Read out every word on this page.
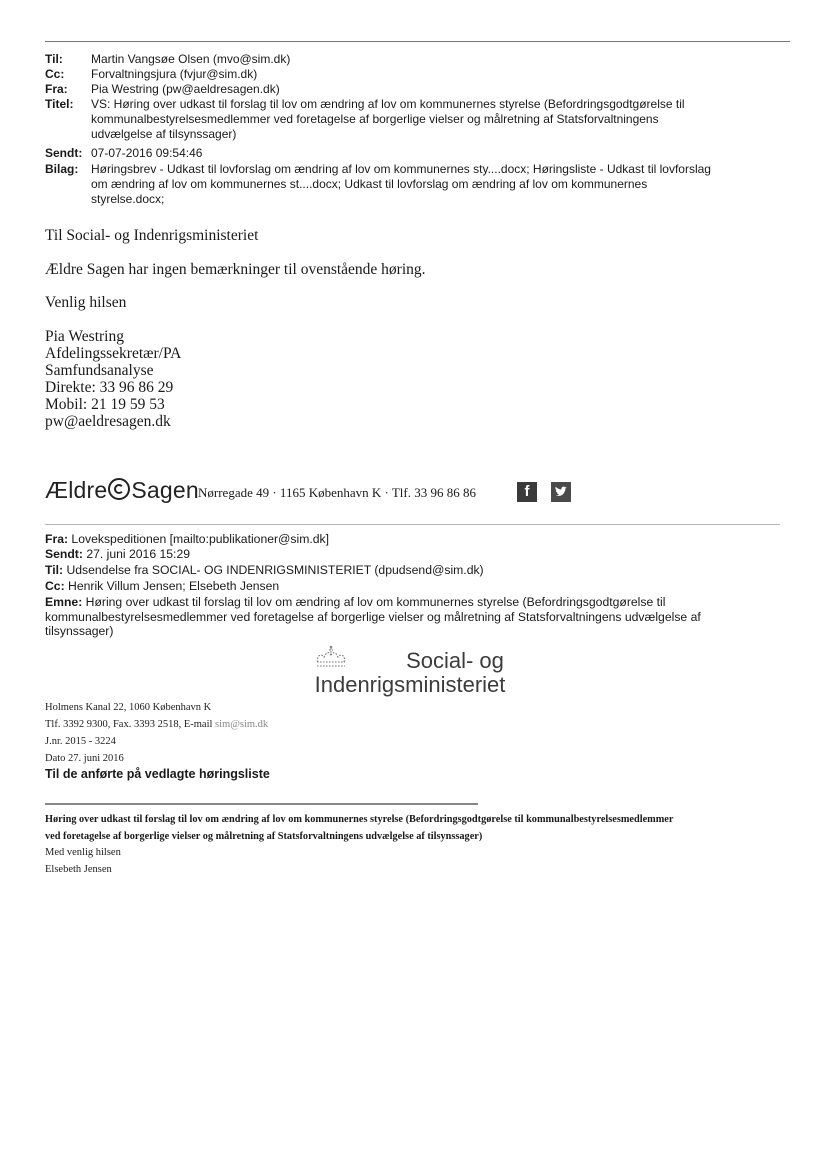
Til: Martin Vangsøe Olsen (mvo@sim.dk)
Cc: Forvaltningsjura (fvjur@sim.dk)
Fra: Pia Westring (pw@aeldresagen.dk)
Titel: VS: Høring over udkast til forslag til lov om ændring af lov om kommunernes styrelse (Befordringsgodtgørelse til
kommunalbestyrelsesmedlemmer ved foretagelse af borgerlige vielser og målretning af Statsforvaltningens
udvælgelse af tilsynssager)
Sendt: 07-07-2016 09:54:46
Bilag: Høringsbrev - Udkast til lovforslag om ændring af lov om kommunernes sty....docx; Høringsliste - Udkast til lovforslag
om ændring af lov om kommunernes st....docx; Udkast til lovforslag om ændring af lov om kommunernes
styrelse.docx;
Til Social- og Indenrigsministeriet
Ældre Sagen har ingen bemærkninger til ovenstående høring.
Venlig hilsen
Pia Westring
Afdelingssekretær/PA
Samfundsanalyse
Direkte: 33 96 86 29
Mobil: 21 19 59 53
pw@aeldresagen.dk
Ældre Sagen Nørregade 49 · 1165 København K · Tlf. 33 96 86 86	f
Fra: Lovekspeditionen [mailto:publikationer@sim.dk]
Sendt: 27. juni 2016 15:29
Til: Udsendelse fra SOCIAL- OG INDENRIGSMINISTERIET (dpudsend@sim.dk)
Cc: Henrik Villum Jensen; Elsebeth Jensen
Emne: Høring over udkast til forslag til lov om ændring af lov om kommunernes styrelse (Befordringsgodtgørelse til
kommunalbestyrelsesmedlemmer ved foretagelse af borgerlige vielser og målretning af Statsforvaltningens udvælgelse af
tilsynssager)
Social- og
Indenrigsministeriet
Holmens Kanal 22, 1060 København K
Tlf. 3392 9300, Fax. 3393 2518, E-mail sim@sim.dk
J.nr. 2015 - 3224
Dato 27. juni 2016
Til de anførte på vedlagte høringsliste
Høring over udkast til forslag til lov om ændring af lov om kommunernes styrelse (Befordringsgodtgørelse til kommunalbestyrelsesmedlemmer
ved foretagelse af borgerlige vielser og målretning af Statsforvaltningens udvælgelse af tilsynssager)
Med venlig hilsen
Elsebeth Jensen
